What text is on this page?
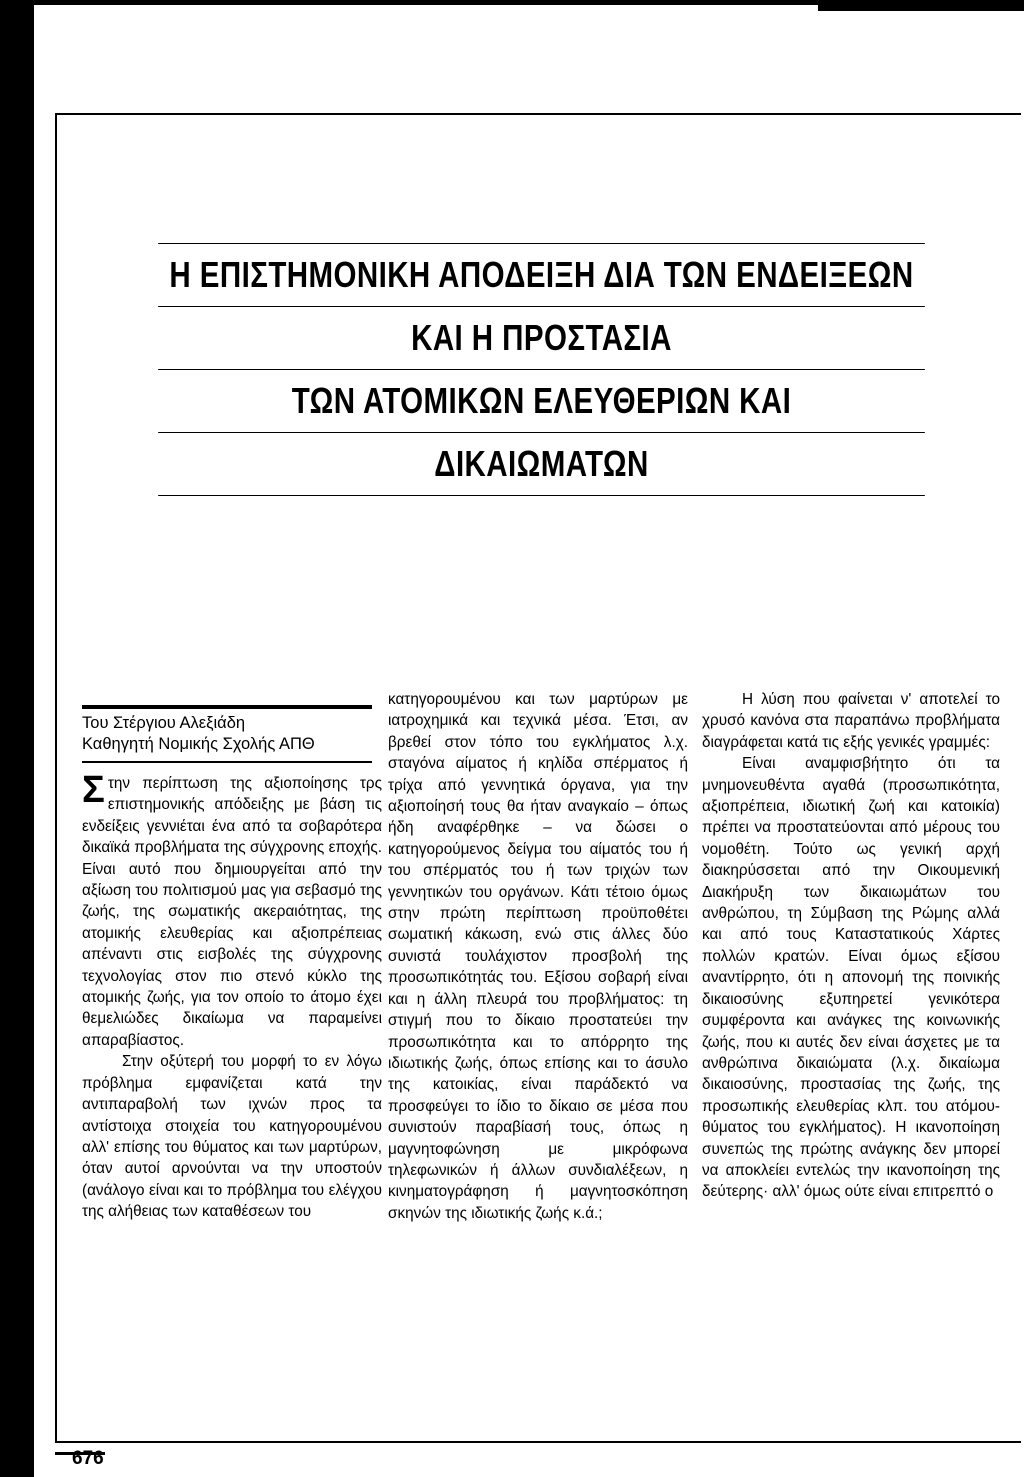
Η ΕΠΙΣΤΗΜΟΝΙΚΗ ΑΠΟΔΕΙΞΗ ΔΙΑ ΤΩΝ ΕΝΔΕΙΞΕΩΝ
ΚΑΙ Η ΠΡΟΣΤΑΣΙΑ
ΤΩΝ ΑΤΟΜΙΚΩΝ ΕΛΕΥΘΕΡΙΩΝ ΚΑΙ
ΔΙΚΑΙΩΜΑΤΩΝ
Του Στέργιου Αλεξιάδη
Καθηγητή Νομικής Σχολής ΑΠΘ

Στην περίπτωση της αξιοποίησης τρς επιστημονικής απόδειξης με βάση τις ενδείξεις γεννιέται ένα από τα σοβαρότερα δικαϊκά προβλήματα της σύγχρονης εποχής. Είναι αυτό που δημιουργείται από την αξίωση του πολιτισμού μας για σεβασμό της ζωής, της σωματικής ακεραιότητας, της ατομικής ελευθερίας και αξιοπρέπειας απέναντι στις εισβολές της σύγχρονης τεχνολογίας στον πιο στενό κύκλο της ατομικής ζωής, για τον οποίο το άτομο έχει θεμελιώδες δικαίωμα να παραμείνει απαραβίαστος.

Στην οξύτερή του μορφή το εν λόγω πρόβλημα εμφανίζεται κατά την αντιπαραβολή των ιχνών προς τα αντίστοιχα στοιχεία του κατηγορουμένου αλλ' επίσης του θύματος και των μαρτύρων, όταν αυτοί αρνούνται να την υποστούν (ανάλογο είναι και το πρόβλημα του ελέγχου της αλήθειας των καταθέσεων του

κατηγορουμένου και των μαρτύρων με ιατροχημικά και τεχνικά μέσα. Έτσι, αν βρεθεί στον τόπο του εγκλήματος λ.χ. σταγόνα αίματος ή κηλίδα σπέρματος ή τρίχα από γεννητικά όργανα, για την αξιοποίησή τους θα ήταν αναγκαίο – όπως ήδη αναφέρθηκε – να δώσει ο κατηγορούμενος δείγμα του αίματός του ή του σπέρματός του ή των τριχών των γεννητικών του οργάνων. Κάτι τέτοιο όμως στην πρώτη περίπτωση προϋποθέτει σωματική κάκωση, ενώ στις άλλες δύο συνιστά τουλάχιστον προσβολή της προσωπικότητάς του. Εξίσου σοβαρή είναι και η άλλη πλευρά του προβλήματος: τη στιγμή που το δίκαιο προστατεύει την προσωπικότητα και το απόρρητο της ιδιωτικής ζωής, όπως επίσης και το άσυλο της κατοικίας, είναι παράδεκτό να προσφεύγει το ίδιο το δίκαιο σε μέσα που συνιστούν παραβίασή τους, όπως η μαγνητοφώνηση με μικρόφωνα τηλεφωνικών ή άλλων συνδιαλέξεων, η κινηματογράφηση ή μαγνητοσκόπηση σκηνών της ιδιωτικής ζωής κ.ά.;

Η λύση που φαίνεται ν' αποτελεί το χρυσό κανόνα στα παραπάνω προβλήματα διαγράφεται κατά τις εξής γενικές γραμμές:

Είναι αναμφισβήτητο ότι τα μνημονευθέντα αγαθά (προσωπικότητα, αξιοπρέπεια, ιδιωτική ζωή και κατοικία) πρέπει να προστατεύονται από μέρους του νομοθέτη. Τούτο ως γενική αρχή διακηρύσσεται από την Οικουμενική Διακήρυξη των δικαιωμάτων του ανθρώπου, τη Σύμβαση της Ρώμης αλλά και από τους Καταστατικούς Χάρτες πολλών κρατών. Είναι όμως εξίσου αναντίρρητο, ότι η απονομή της ποινικής δικαιοσύνης εξυπηρετεί γενικότερα συμφέροντα και ανάγκες της κοινωνικής ζωής, που κι αυτές δεν είναι άσχετες με τα ανθρώπινα δικαιώματα (λ.χ. δικαίωμα δικαιοσύνης, προστασίας της ζωής, της προσωπικής ελευθερίας κλπ. του ατόμου-θύματος του εγκλήματος). Η ικανοποίηση συνεπώς της πρώτης ανάγκης δεν μπορεί να αποκλείει εντελώς την ικανοποίηση της δεύτερης· αλλ' όμως ούτε είναι επιτρεπτό ο

676
